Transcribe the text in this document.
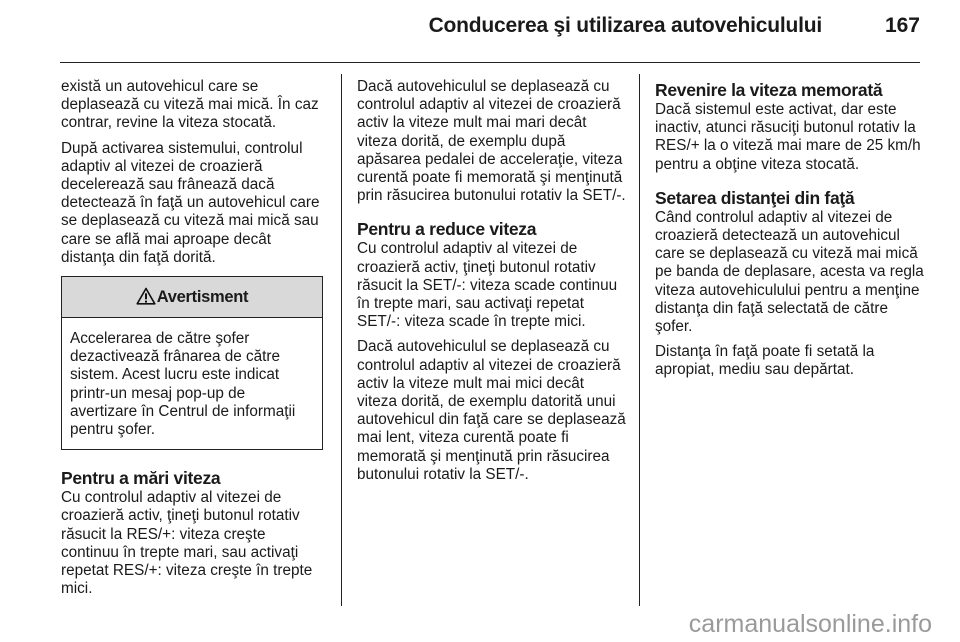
Conducerea şi utilizarea autovehiculului	167

există un autovehicul care se deplasează cu viteză mai mică. În caz contrar, revine la viteza stocată.

După activarea sistemului, controlul adaptiv al vitezei de croazieră decelerează sau frânează dacă detectează în faţă un autovehicul care se deplasează cu viteză mai mică sau care se află mai aproape decât distanţa din faţă dorită.

Avertisment
Accelerarea de către şofer dezactivează frânarea de către sistem. Acest lucru este indicat printr-un mesaj pop-up de avertizare în Centrul de informaţii pentru şofer.
Pentru a mări viteza

Cu controlul adaptiv al vitezei de croazieră activ, ţineţi butonul rotativ răsucit la RES/+: viteza creşte continuu în trepte mari, sau activaţi repetat RES/+: viteza creşte în trepte mici.

Dacă autovehiculul se deplasează cu controlul adaptiv al vitezei de croazieră activ la viteze mult mai mari decât viteza dorită, de exemplu după apăsarea pedalei de acceleraţie, viteza curentă poate fi memorată şi menţinută prin răsucirea butonului rotativ la SET/-.

Pentru a reduce viteza

Cu controlul adaptiv al vitezei de croazieră activ, ţineţi butonul rotativ răsucit la SET/-: viteza scade continuu în trepte mari, sau activaţi repetat SET/-: viteza scade în trepte mici.

Dacă autovehiculul se deplasează cu controlul adaptiv al vitezei de croazieră activ la viteze mult mai mici decât viteza dorită, de exemplu datorită unui autovehicul din faţă care se deplasează mai lent, viteza curentă poate fi memorată şi menţinută prin răsucirea butonului rotativ la SET/-.

Revenire la viteza memorată

Dacă sistemul este activat, dar este inactiv, atunci răsuciţi butonul rotativ la RES/+ la o viteză mai mare de 25 km/h pentru a obţine viteza stocată.

Setarea distanţei din faţă

Când controlul adaptiv al vitezei de croazieră detectează un autovehicul care se deplasează cu viteză mai mică pe banda de deplasare, acesta va regla viteza autovehiculului pentru a menţine distanţa din faţă selectată de către şofer.

Distanţa în faţă poate fi setată la apropiat, mediu sau depărtat.

carmanualsonline.info
